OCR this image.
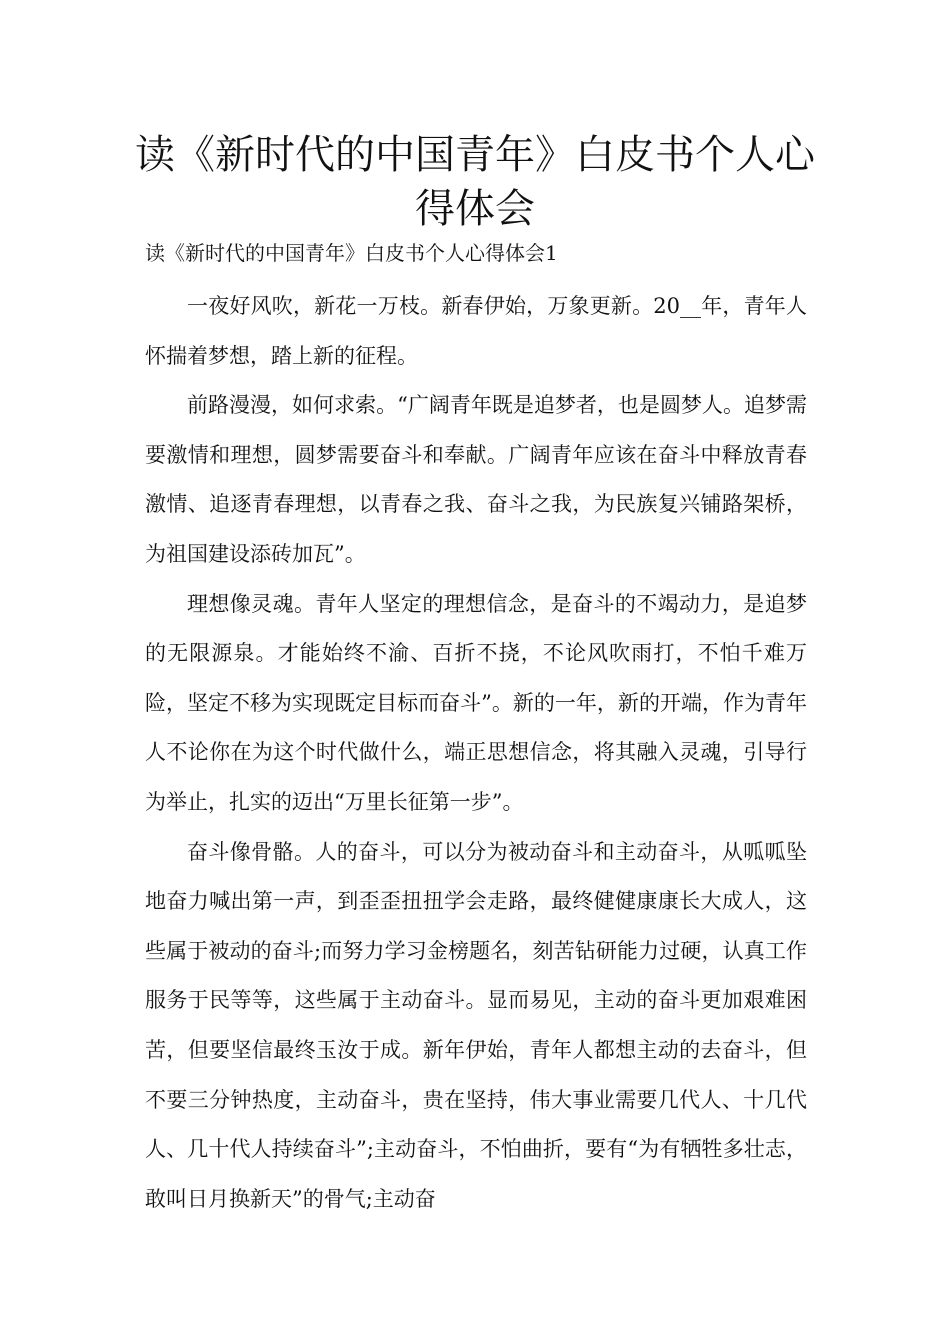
读《新时代的中国青年》白皮书个人心得体会
读《新时代的中国青年》白皮书个人心得体会1

一夜好风吹，新花一万枝。新春伊始，万象更新。20__年，青年人怀揣着梦想，踏上新的征程。

前路漫漫，如何求索。“广阔青年既是追梦者，也是圆梦人。追梦需要激情和理想，圆梦需要奋斗和奉献。广阔青年应该在奋斗中释放青春激情、追逐青春理想，以青春之我、奋斗之我，为民族复兴铺路架桥，为祖国建设添砖加瓦”。

理想像灵魂。青年人坚定的理想信念，是奋斗的不竭动力，是追梦的无限源泉。才能始终不渝、百折不挠，不论风吹雨打，不怕千难万险，坚定不移为实现既定目标而奋斗”。新的一年，新的开端，作为青年人不论你在为这个时代做什么，端正思想信念，将其融入灵魂，引导行为举止，扎实的迈出“万里长征第一步”。

奋斗像骨骼。人的奋斗，可以分为被动奋斗和主动奋斗，从呱呱坠地奋力喊出第一声，到歪歪扭扭学会走路，最终健健康康长大成人，这些属于被动的奋斗;而努力学习金榜题名，刻苦钻研能力过硬，认真工作服务于民等等，这些属于主动奋斗。显而易见，主动的奋斗更加艰难困苦，但要坚信最终玉汝于成。新年伊始，青年人都想主动的去奋斗，但不要三分钟热度，主动奋斗，贵在坚持，伟大事业需要几代人、十几代人、几十代人持续奋斗”;主动奋斗，不怕曲折，要有“为有牺牲多壮志，敢叫日月换新天”的骨气;主动奋
